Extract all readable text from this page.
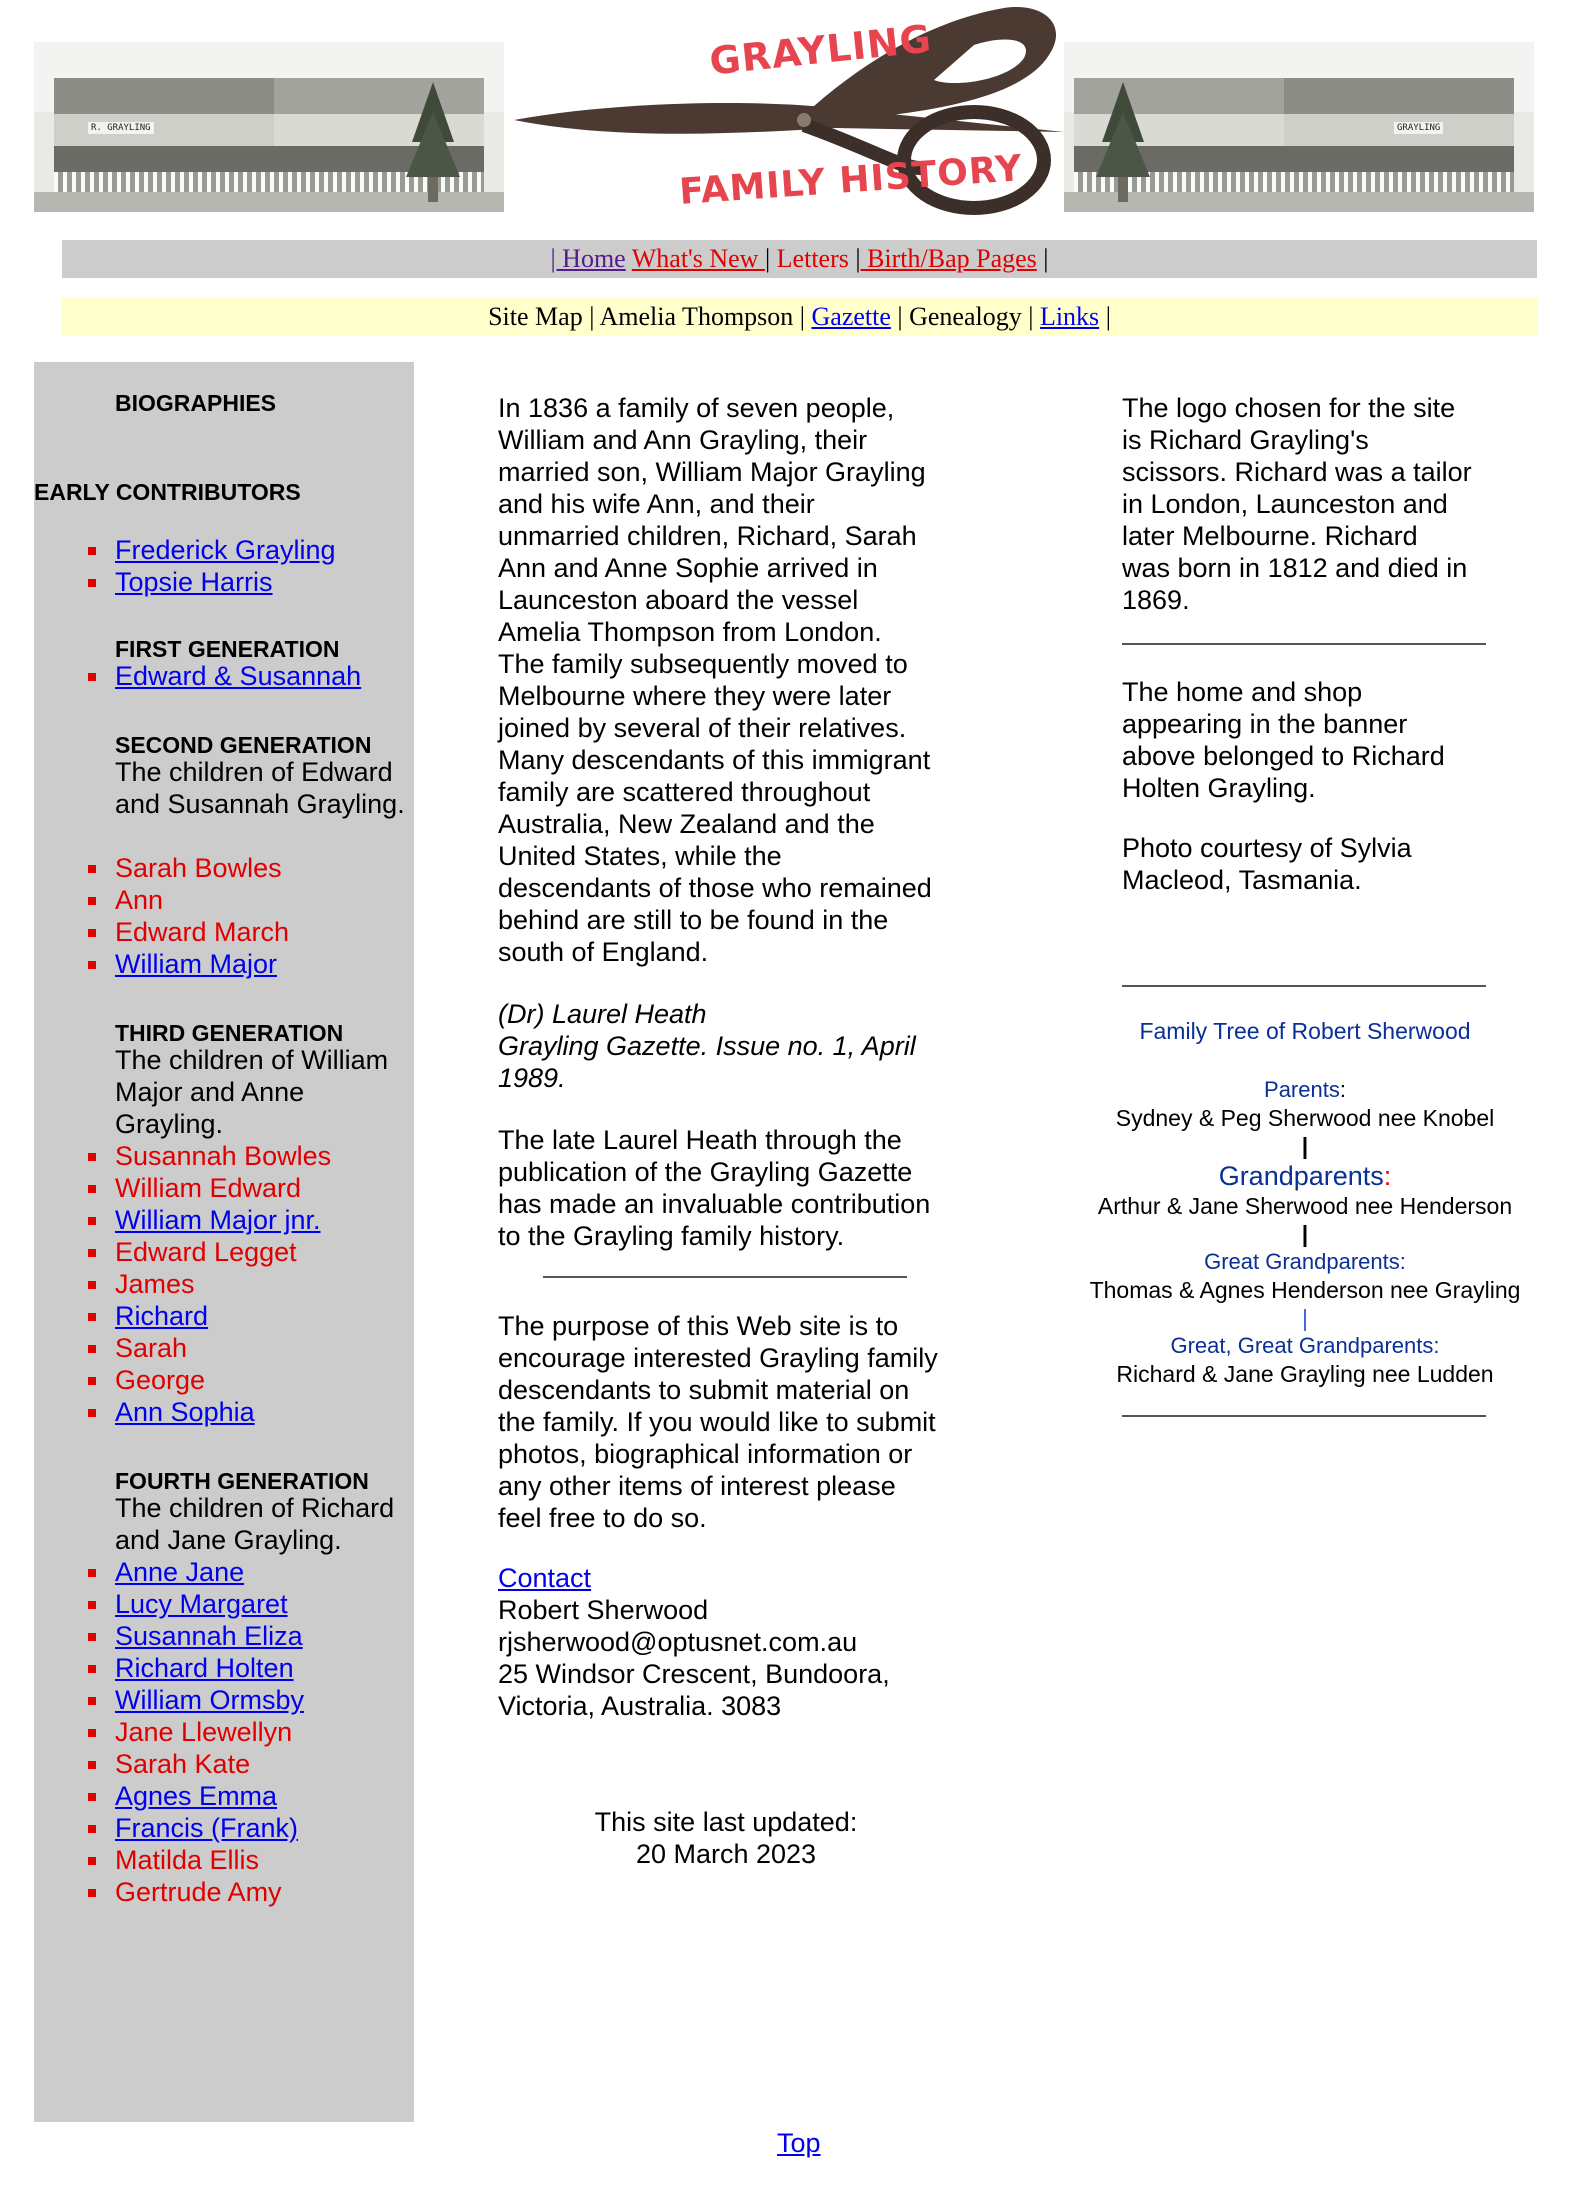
R. GRAYLING
GRAYLING
FAMILY HISTORY
GRAYLING
| Home What's New | Letters | Birth/Bap Pages |
Site Map | Amelia Thompson | Gazette | Genealogy | Links |
BIOGRAPHIES
EARLY CONTRIBUTORS
Frederick Grayling
Topsie Harris
FIRST GENERATION
Edward & Susannah
SECOND GENERATION
The children of Edward and Susannah Grayling.
Sarah Bowles
Ann
Edward March
William Major
THIRD GENERATION
The children of William Major and Anne Grayling.
Susannah Bowles
William Edward
William Major jnr.
Edward Legget
James
Richard
Sarah
George
Ann Sophia
FOURTH GENERATION
The children of Richard and Jane Grayling.
Anne Jane
Lucy Margaret
Susannah Eliza
Richard Holten
William Ormsby
Jane Llewellyn
Sarah Kate
Agnes Emma
Francis (Frank)
Matilda Ellis
Gertrude Amy
In 1836 a family of seven people,
William and Ann Grayling, their
married son, William Major Grayling
and his wife Ann, and their
unmarried children, Richard, Sarah
Ann and Anne Sophie arrived in
Launceston aboard the vessel
Amelia Thompson from London.
The family subsequently moved to
Melbourne where they were later
joined by several of their relatives.
Many descendants of this immigrant
family are scattered throughout
Australia, New Zealand and the
United States, while the
descendants of those who remained
behind are still to be found in the
south of England.
(Dr) Laurel Heath
Grayling Gazette. Issue no. 1, April
1989.
The late Laurel Heath through the
publication of the Grayling Gazette
has made an invaluable contribution
to the Grayling family history.
The purpose of this Web site is to encourage interested Grayling family descendants to submit material on the family. If you would like to submit photos, biographical information or any other items of interest please feel free to do so.
Contact
Robert Sherwood
rjsherwood@optusnet.com.au
25 Windsor Crescent, Bundoora,
Victoria, Australia. 3083
This site last updated:
20 March 2023
Top
The logo chosen for the site
is Richard Grayling's
scissors. Richard was a tailor
in London, Launceston and
later Melbourne. Richard
was born in 1812 and died in 1869.
The home and shop appearing in the banner above belonged to Richard Holten Grayling.
Photo courtesy of Sylvia Macleod, Tasmania.
Family Tree of Robert Sherwood
Parents:
Sydney & Peg Sherwood nee Knobel
|
Grandparents:
Arthur & Jane Sherwood nee Henderson
|
Great Grandparents:
Thomas & Agnes Henderson nee Grayling
|
Great, Great Grandparents:
Richard & Jane Grayling nee Ludden
